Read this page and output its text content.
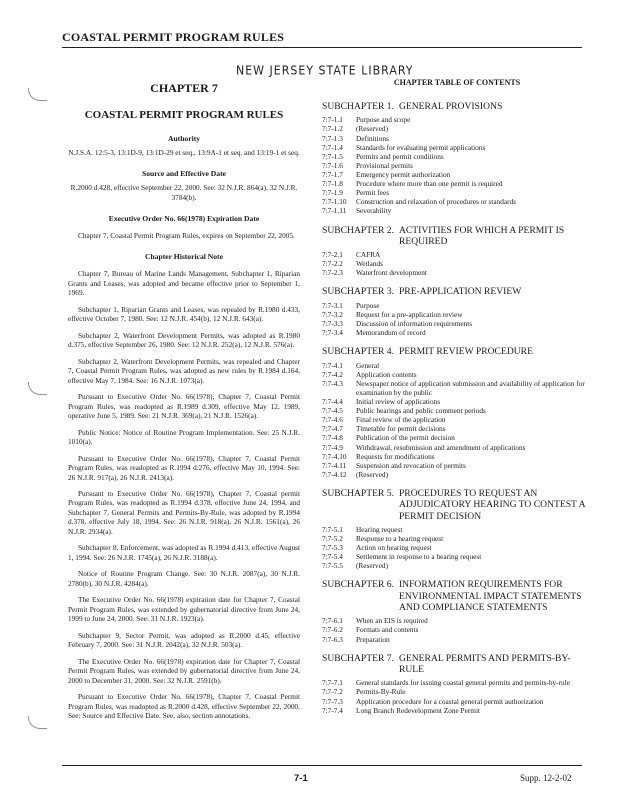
COASTAL PERMIT PROGRAM RULES
NEW JERSEY STATE LIBRARY
CHAPTER 7
COASTAL PERMIT PROGRAM RULES
Authority
N.J.S.A. 12:5-3, 13:1D-9, 13:1D-29 et seq., 13:9A-1 et seq. and 13:19-1 et seq.
Source and Effective Date
R.2000 d.428, effective September 22, 2000. See: 32 N.J.R. 864(a), 32 N.J.R. 3784(b).
Executive Order No. 66(1978) Expiration Date
Chapter 7, Coastal Permit Program Rules, expires on September 22, 2005.
Chapter Historical Note
Chapter 7, Bureau of Marine Lands Management, Subchapter 1, Riparian Grants and Leases, was adopted and became effective prior to September 1, 1969.
Subchapter 1, Riparian Grants and Leases, was repealed by R.1980 d.433, effective October 7, 1980. See: 12 N.J.R. 454(b), 12 N.J.R. 643(a).
Subchapter 2, Waterfront Development Permits, was adopted as R.1980 d.375, effective September 26, 1980. See: 12 N.J.R. 252(a), 12 N.J.R. 576(a).
Subchapter 2, Waterfront Development Permits, was repealed and Chapter 7, Coastal Permit Program Rules, was adopted as new rules by R.1984 d.164, effective May 7, 1984. See: 16 N.J.R. 1073(a).
Pursuant to Executive Order No. 66(1978), Chapter 7, Coastal Permit Program Rules, was readopted as R.1989 d.309, effective May 12, 1989, operative June 5, 1989. See: 21 N.J.R. 369(a), 21 N.J.R. 1526(a).
Public Notice: Notice of Routine Program Implementation. See: 25 N.J.R. 1010(a).
Pursuant to Executive Order No. 66(1978), Chapter 7, Coastal Permit Program Rules, was readopted as R.1994 d.276, effective May 10, 1994. See: 26 N.J.R. 917(a), 26 N.J.R. 2413(a).
Pursuant to Executive Order No. 66(1978), Chapter 7, Coastal permit Program Rules, was readopted as R.1994 d.378, effective June 24, 1994, and Subchapter 7, General Permits and Permits-By-Rule, was adopted by R.1994 d.378, effective July 18, 1994. See: 26 N.J.R. 918(a), 26 N.J.R. 1561(a), 26 N.J.R. 2934(a).
Subchapter 8, Enforcement, was adopted as R.1994 d.413, effective August 1, 1994. See: 26 N.J.R. 1745(a), 26 N.J.R. 3188(a).
Notice of Routine Program Change. See: 30 N.J.R. 2087(a), 30 N.J.R. 2780(b), 30 N.J.R. 4284(a).
The Executive Order No. 66(1978) expiration date for Chapter 7, Coastal Permit Program Rules, was extended by gubernatorial directive from June 24, 1999 to June 24, 2000. See: 31 N.J.R. 1923(a).
Subchapter 9, Sector Permit, was adopted as R.2000 d.45, effective February 7, 2000. See: 31 N.J.R. 2042(a), 32 N.J.R. 503(a).
The Executive Order No. 66(1978) expiration date for Chapter 7, Coastal Permit Program Rules, was extended by gubernatorial directive from June 24, 2000 to December 31, 2000. See: 32 N.J.R. 2591(b).
Pursuant to Executive Order No. 66(1978), Chapter 7, Coastal Permit Program Rules, was readopted as R.2000 d.428, effective September 22, 2000. See: Source and Effective Date. See, also, section annotations.
CHAPTER TABLE OF CONTENTS
SUBCHAPTER 1. GENERAL PROVISIONS
7:7-1.1	Purpose and scope
7:7-1.2	(Reserved)
7:7-1.3	Definitions
7:7-1.4	Standards for evaluating permit applications
7:7-1.5	Permits and permit conditions
7:7-1.6	Provisional permits
7:7-1.7	Emergency permit authorization
7:7-1.8	Procedure where more than one permit is required
7:7-1.9	Permit fees
7:7-1.10	Construction and relaxation of procedures or standards
7:7-1.11	Severability
SUBCHAPTER 2. ACTIVITIES FOR WHICH A PERMIT IS REQUIRED
7:7-2.1	CAFRA
7:7-2.2	Wetlands
7:7-2.3	Waterfront development
SUBCHAPTER 3. PRE-APPLICATION REVIEW
7:7-3.1	Purpose
7:7-3.2	Request for a pre-application review
7:7-3.3	Discussion of information requirements
7:7-3.4	Memorandum of record
SUBCHAPTER 4. PERMIT REVIEW PROCEDURE
7:7-4.1	General
7:7-4.2	Application contents
7:7-4.3	Newspaper notice of application submission and availability of application for examination by the public
7:7-4.4	Initial review of applications
7:7-4.5	Public hearings and public comment periods
7:7-4.6	Final review of the application
7:7-4.7	Timetable for permit decisions
7:7-4.8	Publication of the permit decision
7:7-4.9	Withdrawal, resubmission and amendment of applications
7:7-4.10	Requests for modifications
7:7-4.11	Suspension and revocation of permits
7:7-4.12	(Reserved)
SUBCHAPTER 5. PROCEDURES TO REQUEST AN ADJUDICATORY HEARING TO CONTEST A PERMIT DECISION
7:7-5.1	Hearing request
7:7-5.2	Response to a hearing request
7:7-5.3	Action on hearing request
7:7-5.4	Settlement in response to a hearing request
7:7-5.5	(Reserved)
SUBCHAPTER 6. INFORMATION REQUIREMENTS FOR ENVIRONMENTAL IMPACT STATEMENTS AND COMPLIANCE STATEMENTS
7:7-6.1	When an EIS is required
7:7-6.2	Formats and contents
7:7-6.3	Preparation
SUBCHAPTER 7. GENERAL PERMITS AND PERMITS-BY-RULE
7:7-7.1	General standards for issuing coastal general permits and permits-by-rule
7:7-7.2	Permits-By-Rule
7:7-7.3	Application procedure for a coastal general permit authorization
7:7-7.4	Long Branch Redevelopment Zone Permit
7-1	Supp. 12-2-02
